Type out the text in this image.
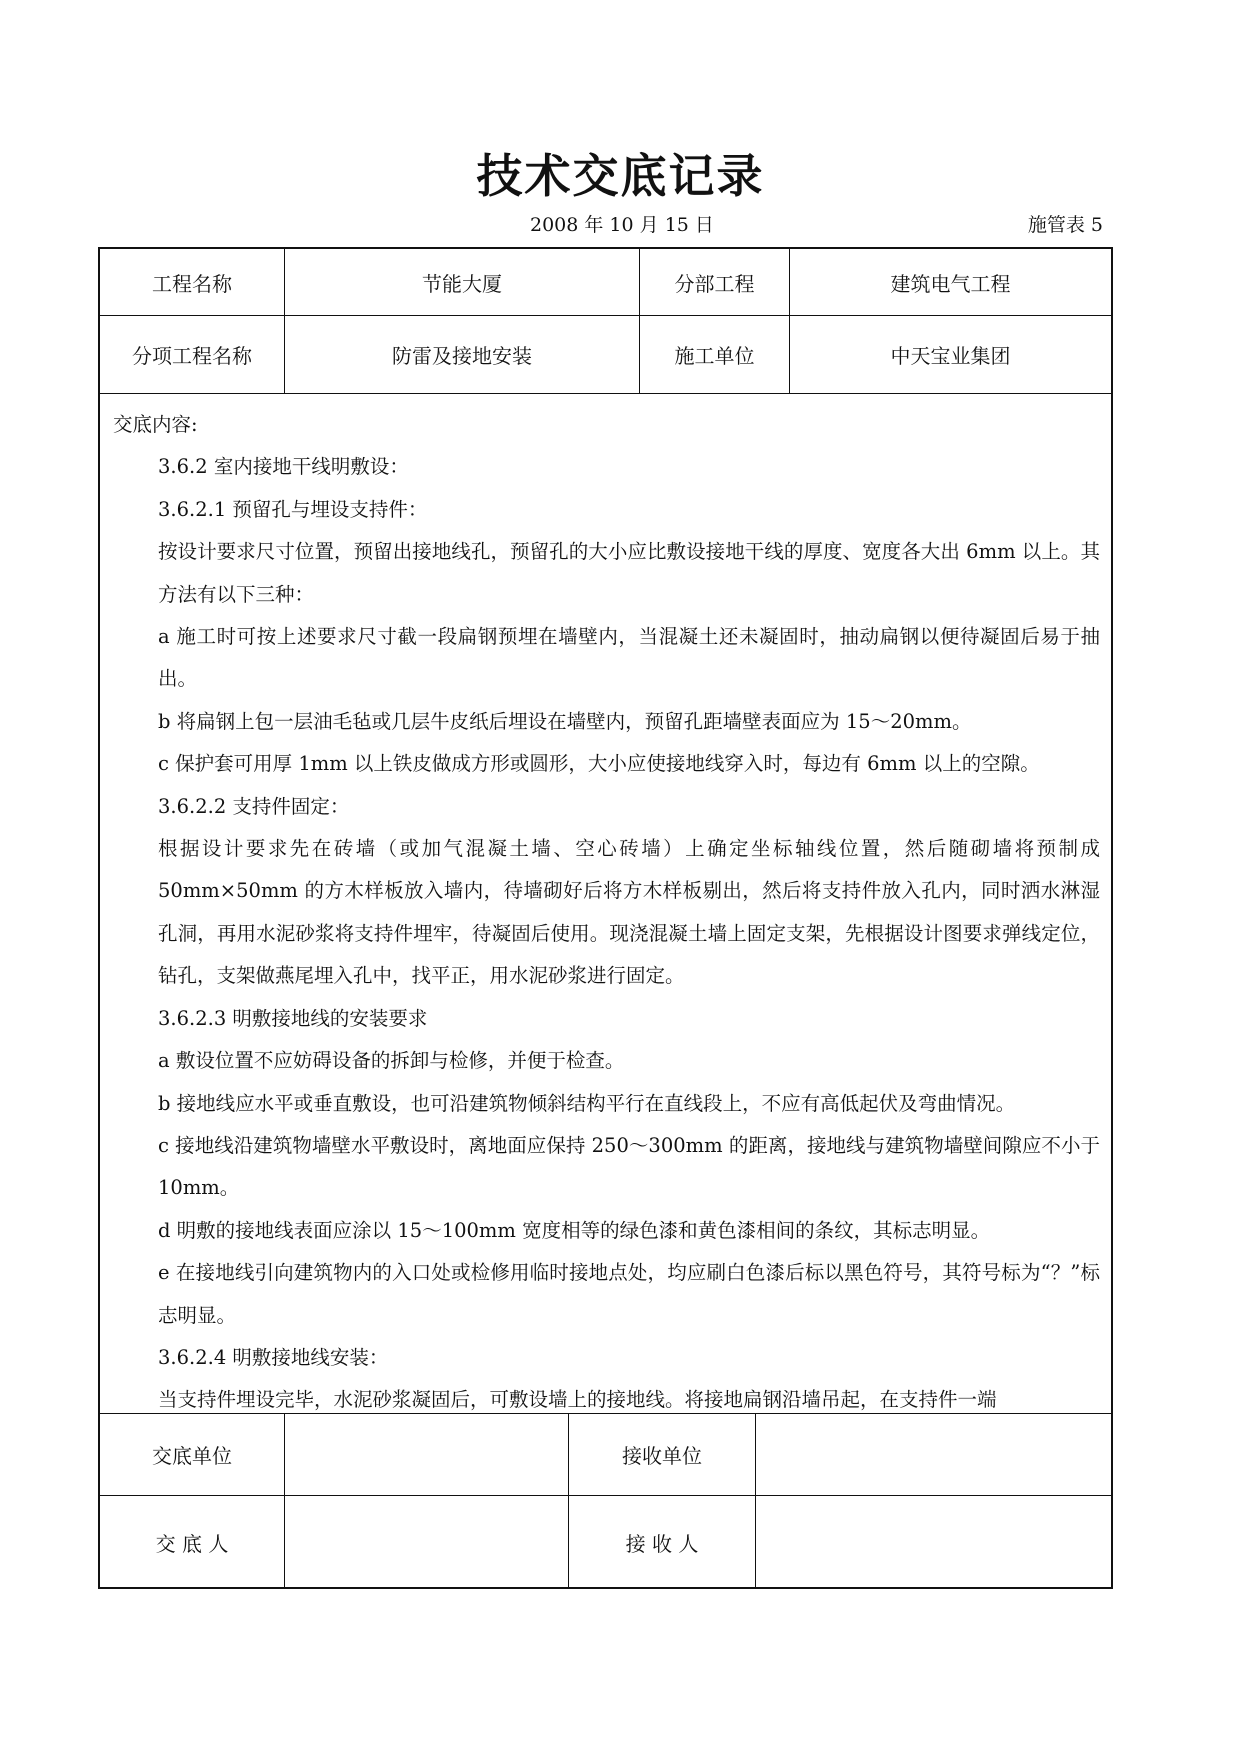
技术交底记录
2008 年 10 月 15 日	施管表 5
工程名称	节能大厦	分部工程	建筑电气工程
分项工程名称	防雷及接地安装	施工单位	中天宝业集团

交底内容:

3.6.2 室内接地干线明敷设：

3.6.2.1 预留孔与埋设支持件：

按设计要求尺寸位置，预留出接地线孔，预留孔的大小应比敷设接地干线的厚度、宽度各大出 6mm 以上。其方法有以下三种：

a 施工时可按上述要求尺寸截一段扁钢预埋在墙壁内，当混凝土还未凝固时，抽动扁钢以便待凝固后易于抽出。

b 将扁钢上包一层油毛毡或几层牛皮纸后埋设在墙壁内，预留孔距墙壁表面应为 15～20mm。

c 保护套可用厚 1mm 以上铁皮做成方形或圆形，大小应使接地线穿入时，每边有 6mm 以上的空隙。

3.6.2.2 支持件固定：

根据设计要求先在砖墙（或加气混凝土墙、空心砖墙）上确定坐标轴线位置，然后随砌墙将预制成 50mm×50mm 的方木样板放入墙内，待墙砌好后将方木样板剔出，然后将支持件放入孔内，同时洒水淋湿孔洞，再用水泥砂浆将支持件埋牢，待凝固后使用。现浇混凝土墙上固定支架，先根据设计图要求弹线定位，钻孔，支架做燕尾埋入孔中，找平正，用水泥砂浆进行固定。

3.6.2.3 明敷接地线的安装要求

a 敷设位置不应妨碍设备的拆卸与检修，并便于检查。

b 接地线应水平或垂直敷设，也可沿建筑物倾斜结构平行在直线段上，不应有高低起伏及弯曲情况。

c 接地线沿建筑物墙壁水平敷设时，离地面应保持 250～300mm 的距离，接地线与建筑物墙壁间隙应不小于 10mm。

d 明敷的接地线表面应涂以 15～100mm 宽度相等的绿色漆和黄色漆相间的条纹，其标志明显。

e 在接地线引向建筑物内的入口处或检修用临时接地点处，均应刷白色漆后标以黑色符号，其符号标为“？”标志明显。

3.6.2.4 明敷接地线安装：

当支持件埋设完毕，水泥砂浆凝固后，可敷设墙上的接地线。将接地扁钢沿墙吊起，在支持件一端

交底单位	接收单位
交 底 人	接 收 人
